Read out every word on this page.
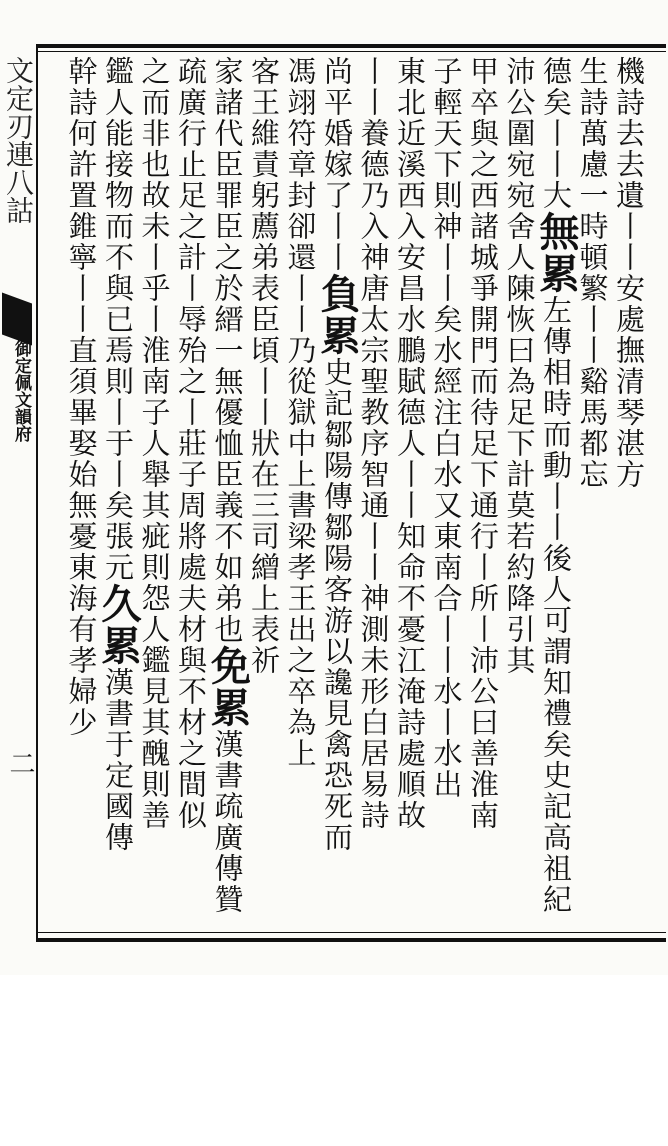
文定刃連八詁
御定佩文韻府
二
機詩去去遺丨丨安處撫清琴湛方
生詩萬慮一時頓繁丨丨谿馬都忘
德矣丨丨大無累左傳相時而動丨丨後人可謂知禮矣史記高祖紀
沛公圍宛宛舍人陳恢曰為足下計莫若約降引其
甲卒與之西諸城爭開門而待足下通行丨所丨沛公曰善淮南
子輕天下則神丨丨矣水經注白水又東南合丨丨水丨水出
東北近溪西入安昌水鵬賦德人丨丨知命不憂江淹詩處順故
丨丨養德乃入神唐太宗聖教序智通丨丨神測未形白居易詩
尚平婚嫁了丨丨負累史記鄒陽傳鄒陽客游以讒見禽恐死而
馮翊符章封卻還丨丨乃從獄中上書梁孝王出之卒為上
客王維責躬薦弟表臣頃丨丨狀在三司繒上表祈
家諸代臣罪臣之於縉一無優恤臣義不如弟也免累漢書疏廣傳贊
疏廣行止足之計丨辱殆之丨莊子周將處夫材與不材之間似
之而非也故未丨乎丨淮南子人舉其疵則怨人鑑見其醜則善
鑑人能接物而不與已焉則丨于丨矣張元久累漢書于定國傳
幹詩何許置錐寧丨丨直須畢娶始無憂東海有孝婦少
